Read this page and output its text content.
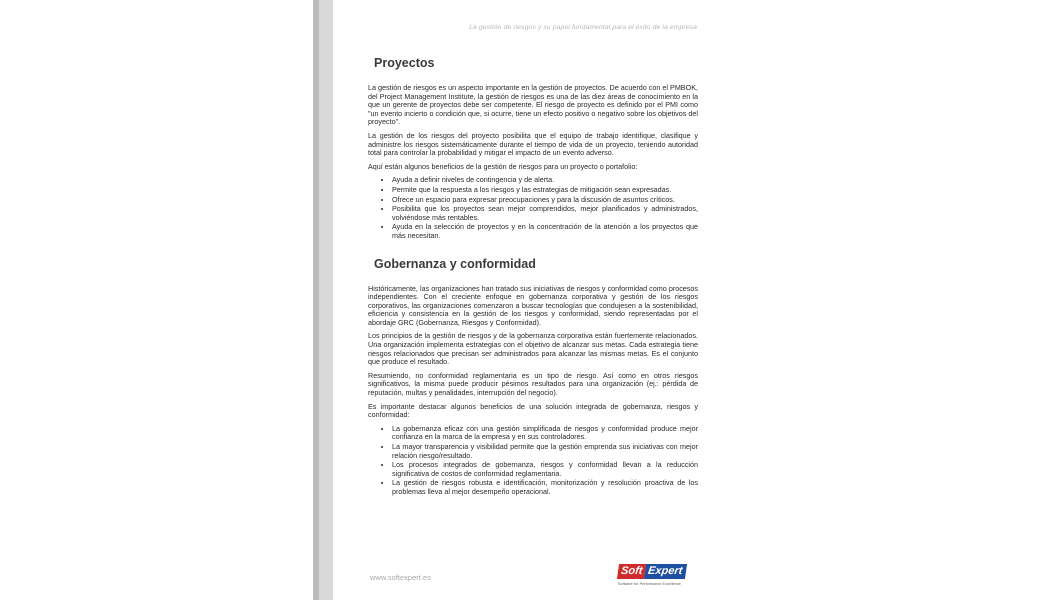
La gestión de riesgos y su papel fundamental para el éxito de la empresa
Proyectos

La gestión de riesgos es un aspecto importante en la gestión de proyectos. De acuerdo con el PMBOK, del Project Management Institute, la gestión de riesgos es una de las diez áreas de conocimiento en la que un gerente de proyectos debe ser competente. El riesgo de proyecto es definido por el PMI como "un evento incierto o condición que, si ocurre, tiene un efecto positivo o negativo sobre los objetivos del proyecto".

La gestión de los riesgos del proyecto posibilita que el equipo de trabajo identifique, clasifique y administre los riesgos sistemáticamente durante el tiempo de vida de un proyecto, teniendo autoridad total para controlar la probabilidad y mitigar el impacto de un evento adverso.

Aquí están algunos beneficios de la gestión de riesgos para un proyecto o portafolio:

• Ayuda a definir niveles de contingencia y de alerta.
• Permite que la respuesta a los riesgos y las estrategias de mitigación sean expresadas.
• Ofrece un espacio para expresar preocupaciones y para la discusión de asuntos críticos.
• Posibilita que los proyectos sean mejor comprendidos, mejor planificados y administrados, volviéndose más rentables.
• Ayuda en la selección de proyectos y en la concentración de la atención a los proyectos que más necesitan.
Gobernanza y conformidad

Históricamente, las organizaciones han tratado sus iniciativas de riesgos y conformidad como procesos independientes. Con el creciente enfoque en gobernanza corporativa y gestión de los riesgos corporativos, las organizaciones comenzaron a buscar tecnologías que condujesen a la sostenibilidad, eficiencia y consistencia en la gestión de los riesgos y conformidad, siendo representadas por el abordaje GRC (Gobernanza, Riesgos y Conformidad).

Los principios de la gestión de riesgos y de la gobernanza corporativa están fuertemente relacionados. Una organización implementa estrategias con el objetivo de alcanzar sus metas. Cada estrategia tiene riesgos relacionados que precisan ser administrados para alcanzar las mismas metas. Es el conjunto que produce el resultado.

Resumiendo, no conformidad reglamentaria es un tipo de riesgo. Así como en otros riesgos significativos, la misma puede producir pésimos resultados para una organización (ej.: pérdida de reputación, multas y penalidades, interrupción del negocio).

Es importante destacar algunos beneficios de una solución integrada de gobernanza, riesgos y conformidad:

• La gobernanza eficaz con una gestión simplificada de riesgos y conformidad produce mejor confianza en la marca de la empresa y en sus controladores.
• La mayor transparencia y visibilidad permite que la gestión emprenda sus iniciativas con mejor relación riesgo/resultado.
• Los procesos integrados de gobernanza, riesgos y conformidad llevan a la reducción significativa de costos de conformidad reglamentaria.
• La gestión de riesgos robusta e identificación, monitorización y resolución proactiva de los problemas lleva al mejor desempeño operacional.
www.softexpert.es
Soft Expert
Software for Performance Excellence
